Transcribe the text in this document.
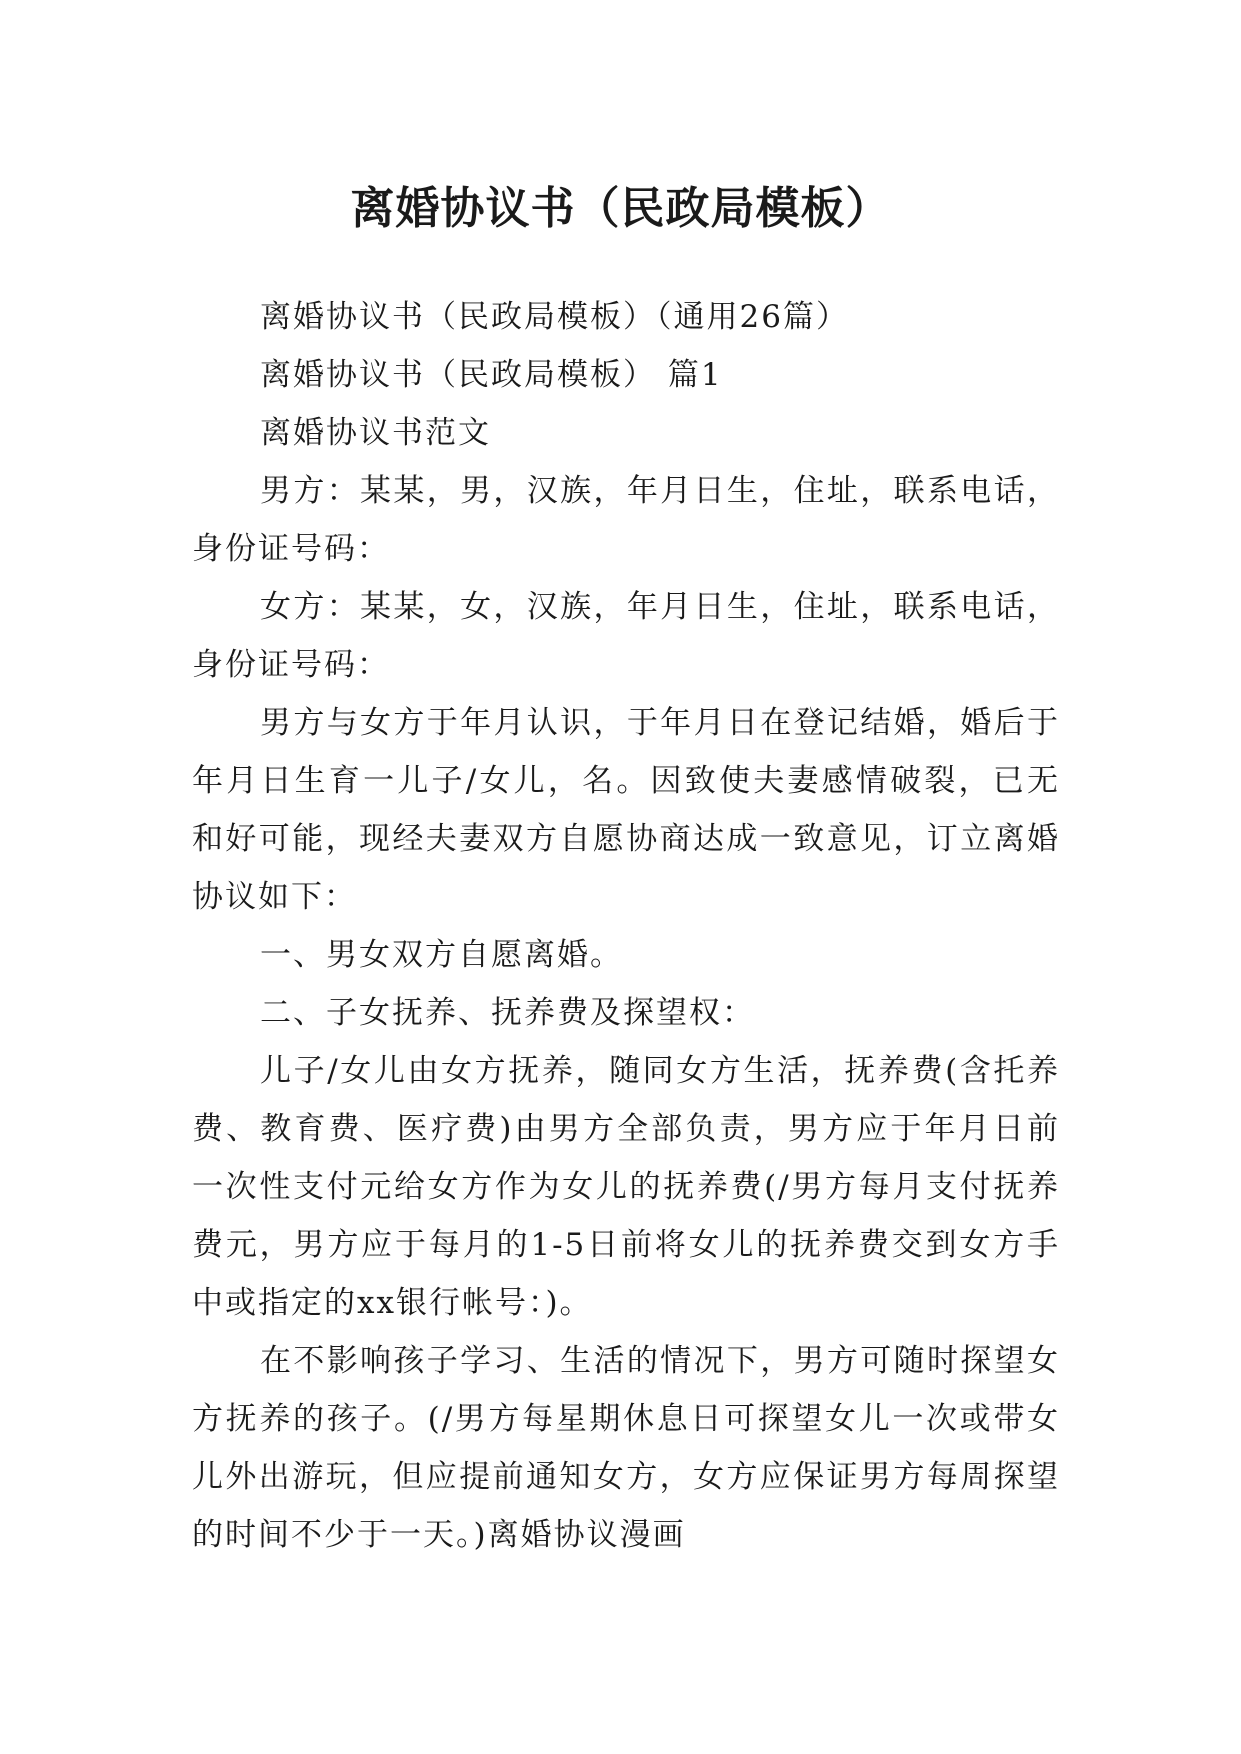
离婚协议书（民政局模板）

离婚协议书（民政局模板）（通用26篇）

离婚协议书（民政局模板） 篇1

离婚协议书范文

男方：某某，男，汉族，年月日生，住址，联系电话，身份证号码：

女方：某某，女，汉族，年月日生，住址，联系电话，身份证号码：

男方与女方于年月认识，于年月日在登记结婚，婚后于年月日生育一儿子/女儿，名。因致使夫妻感情破裂，已无和好可能，现经夫妻双方自愿协商达成一致意见，订立离婚协议如下：

一、男女双方自愿离婚。

二、子女抚养、抚养费及探望权：

儿子/女儿由女方抚养，随同女方生活，抚养费(含托养费、教育费、医疗费)由男方全部负责，男方应于年月日前一次性支付元给女方作为女儿的抚养费(/男方每月支付抚养费元，男方应于每月的1-5日前将女儿的抚养费交到女方手中或指定的xx银行帐号：)。

在不影响孩子学习、生活的情况下，男方可随时探望女方抚养的孩子。(/男方每星期休息日可探望女儿一次或带女儿外出游玩，但应提前通知女方，女方应保证男方每周探望的时间不少于一天。)离婚协议漫画
